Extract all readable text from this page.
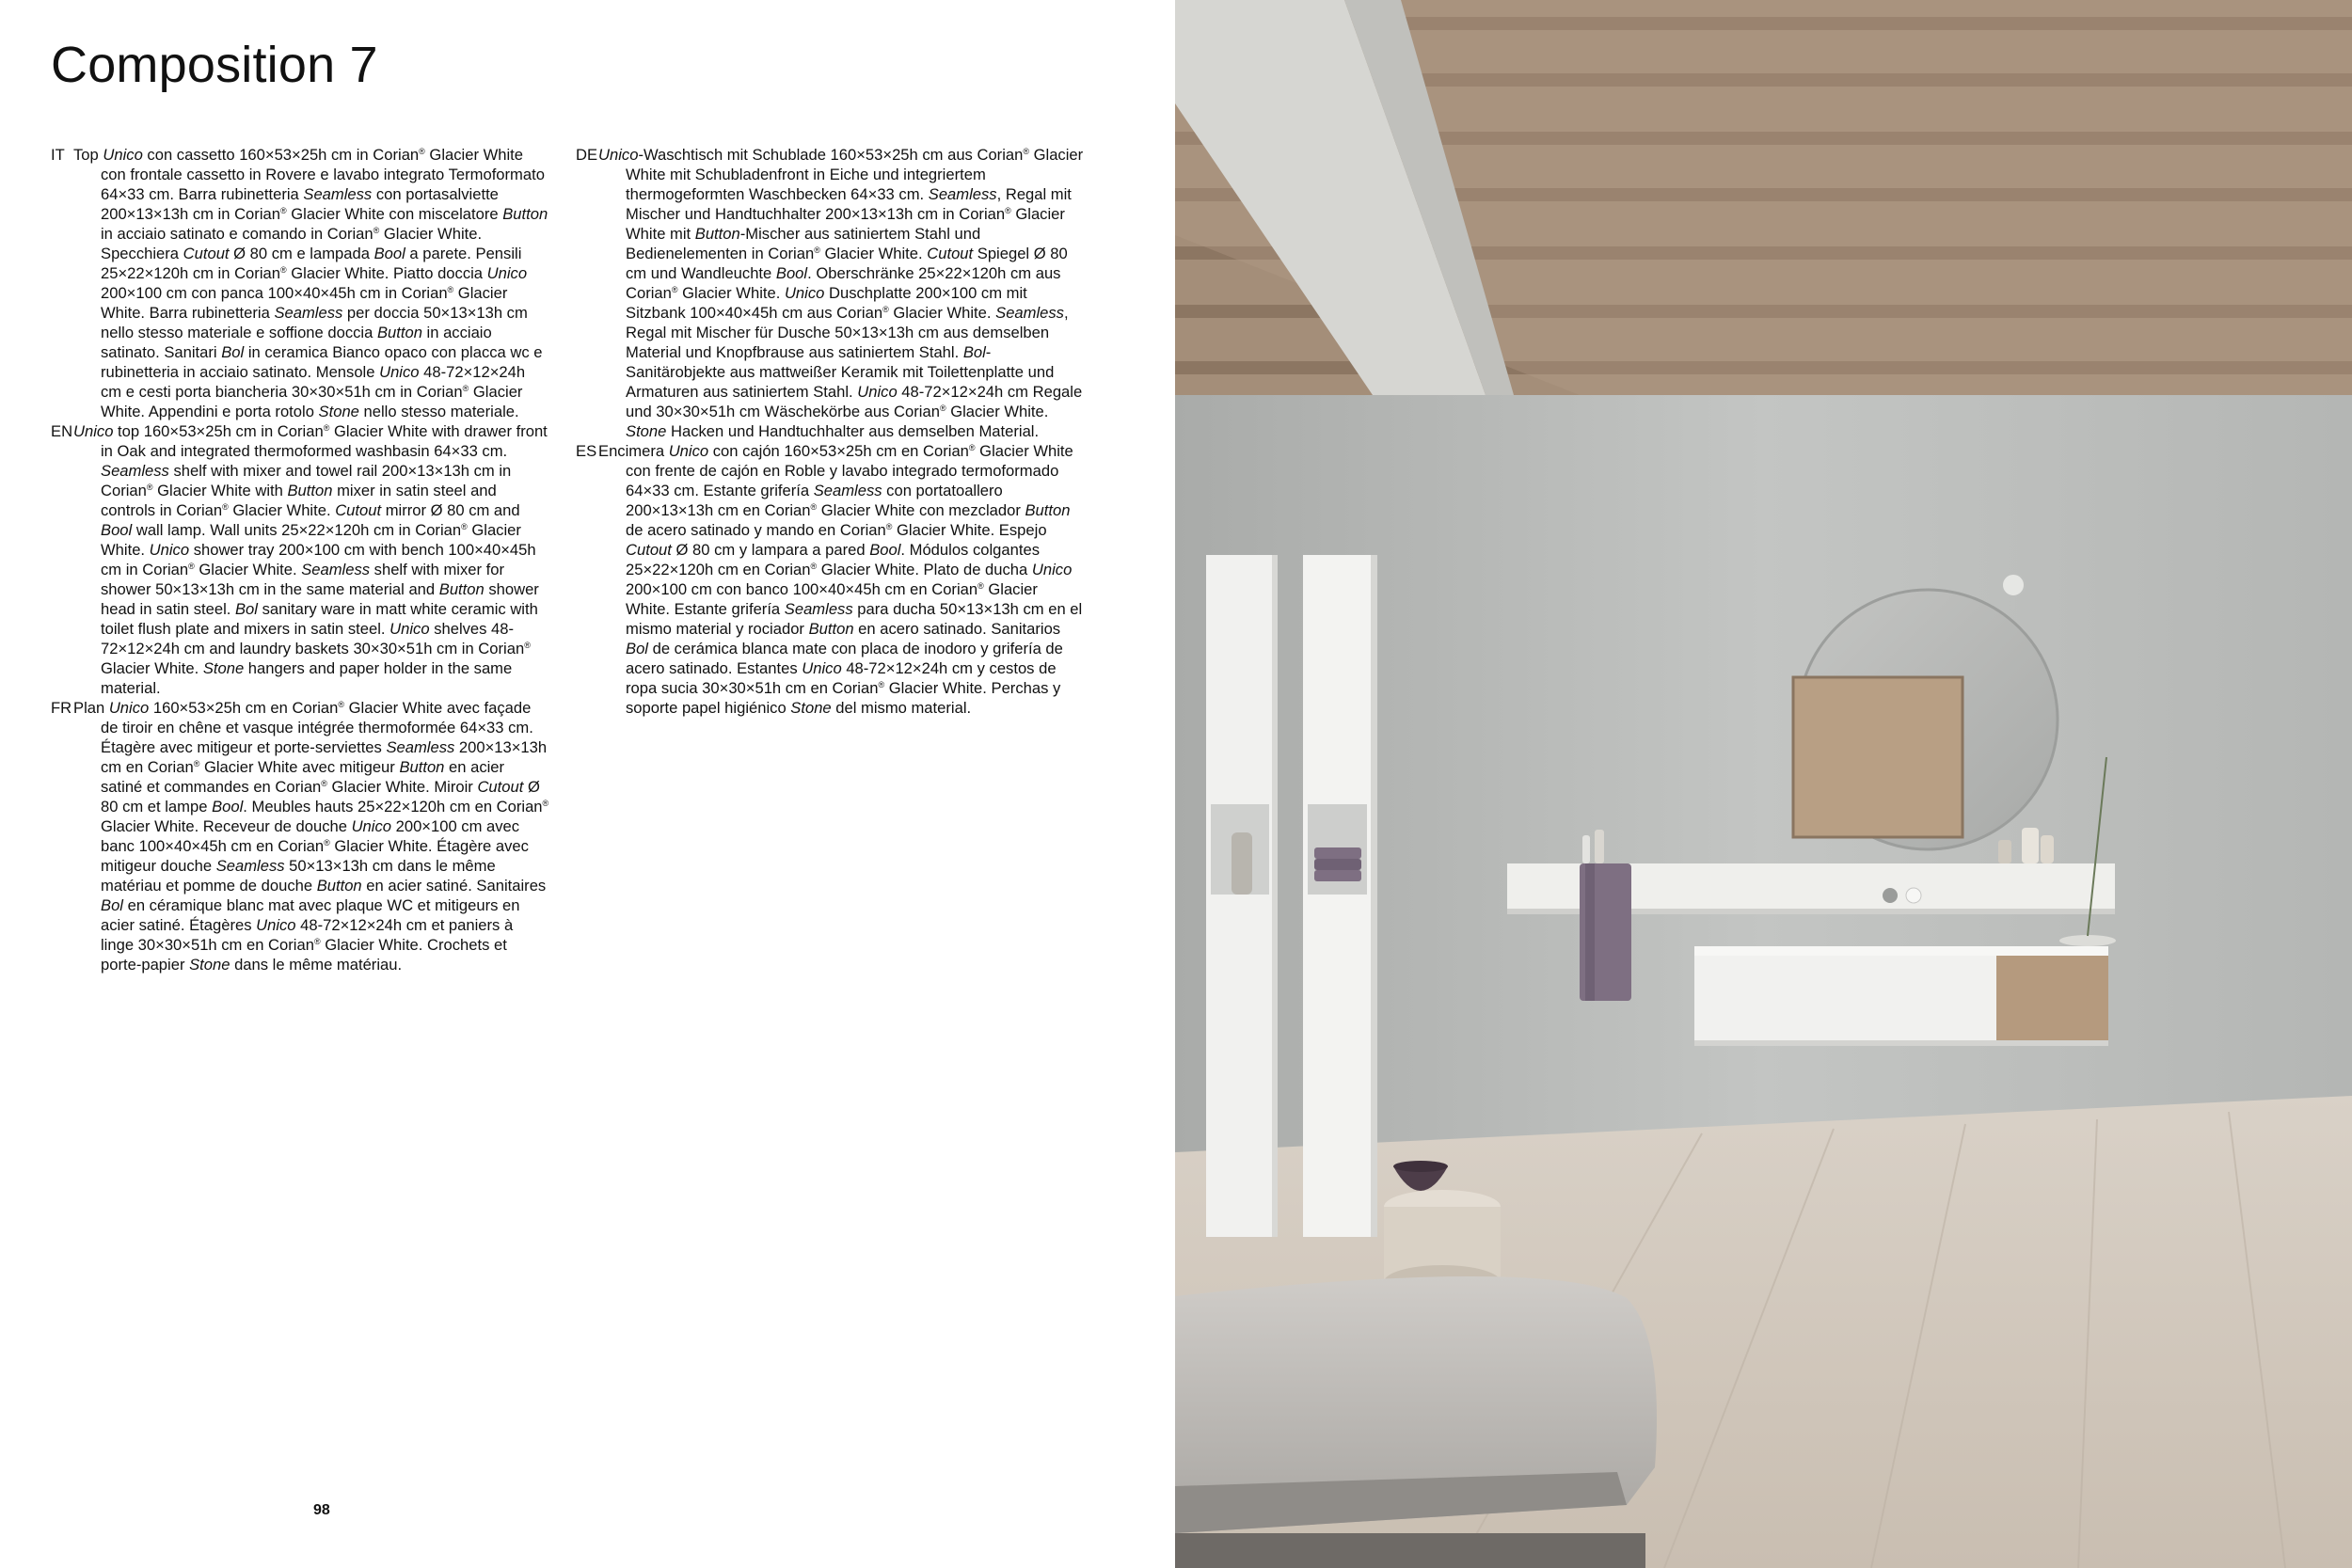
Composition 7

IT Top Unico con cassetto 160×53×25h cm in Corian® Glacier White con frontale cassetto in Rovere e lavabo integrato Termoformato 64×33 cm. Barra rubinetteria Seamless con portasalviette 200×13×13h cm in Corian® Glacier White con miscelatore Button in acciaio satinato e comando in Corian® Glacier White. Specchiera Cutout Ø 80 cm e lampada Bool a parete. Pensili 25×22×120h cm in Corian® Glacier White. Piatto doccia Unico 200×100 cm con panca 100×40×45h cm in Corian® Glacier White. Barra rubinetteria Seamless per doccia 50×13×13h cm nello stesso materiale e soffione doccia Button in acciaio satinato. Sanitari Bol in ceramica Bianco opaco con placca wc e rubinetteria in acciaio satinato. Mensole Unico 48-72×12×24h cm e cesti porta biancheria 30×30×51h cm in Corian® Glacier White. Appendini e porta rotolo Stone nello stesso materiale.

ENUnico top 160×53×25h cm in Corian® Glacier White with drawer front in Oak and integrated thermoformed washbasin 64×33 cm. Seamless shelf with mixer and towel rail 200×13×13h cm in Corian® Glacier White with Button mixer in satin steel and controls in Corian® Glacier White. Cutout mirror Ø 80 cm and Bool wall lamp. Wall units 25×22×120h cm in Corian® Glacier White. Unico shower tray 200×100 cm with bench 100×40×45h cm in Corian® Glacier White. Seamless shelf with mixer for shower 50×13×13h cm in the same material and Button shower head in satin steel. Bol sanitary ware in matt white ceramic with toilet flush plate and mixers in satin steel. Unico shelves 48-72×12×24h cm and laundry baskets 30×30×51h cm in Corian® Glacier White. Stone hangers and paper holder in the same material.

FR Plan Unico 160×53×25h cm en Corian® Glacier White avec façade de tiroir en chêne et vasque intégrée thermoformée 64×33 cm. Étagère avec mitigeur et porte-serviettes Seamless 200×13×13h cm en Corian® Glacier White avec mitigeur Button en acier satiné et commandes en Corian® Glacier White. Miroir Cutout Ø 80 cm et lampe Bool. Meubles hauts 25×22×120h cm en Corian® Glacier White. Receveur de douche Unico 200×100 cm avec banc 100×40×45h cm en Corian® Glacier White. Étagère avec mitigeur douche Seamless 50×13×13h cm dans le même matériau et pomme de douche Button en acier satiné. Sanitaires Bol en céramique blanc mat avec plaque WC et mitigeurs en acier satiné. Étagères Unico 48-72×12×24h cm et paniers à linge 30×30×51h cm en Corian® Glacier White. Crochets et porte-papier Stone dans le même matériau.

DEUnico-Waschtisch mit Schublade 160×53×25h cm aus Corian® Glacier White mit Schubladenfront in Eiche und integriertem thermogeformten Waschbecken 64×33 cm. Seamless, Regal mit Mischer und Handtuchhalter 200×13×13h cm in Corian® Glacier White mit Button-Mischer aus satiniertem Stahl und Bedienelementen in Corian® Glacier White. Cutout Spiegel Ø 80 cm und Wandleuchte Bool. Oberschränke 25×22×120h cm aus Corian® Glacier White. Unico Duschplatte 200×100 cm mit Sitzbank 100×40×45h cm aus Corian® Glacier White. Seamless, Regal mit Mischer für Dusche 50×13×13h cm aus demselben Material und Knopfbrause aus satiniertem Stahl. Bol-Sanitärobjekte aus mattweißer Keramik mit Toilettenplatte und Armaturen aus satiniertem Stahl. Unico 48-72×12×24h cm Regale und 30×30×51h cm Wäschekörbe aus Corian® Glacier White. Stone Hacken und Handtuchhalter aus demselben Material.

ES Encimera Unico con cajón 160×53×25h cm en Corian® Glacier White con frente de cajón en Roble y lavabo integrado termoformado 64×33 cm. Estante grifería Seamless con portatoallero 200×13×13h cm en Corian® Glacier White con mezclador Button de acero satinado y mando en Corian® Glacier White. Espejo Cutout Ø 80 cm y lampara a pared Bool. Módulos colgantes 25×22×120h cm en Corian® Glacier White. Plato de ducha Unico 200×100 cm con banco 100×40×45h cm en Corian® Glacier White. Estante grifería Seamless para ducha 50×13×13h cm en el mismo material y rociador Button en acero satinado. Sanitarios Bol de cerámica blanca mate con placa de inodoro y grifería de acero satinado. Estantes Unico 48-72×12×24h cm y cestos de ropa sucia 30×30×51h cm en Corian® Glacier White. Perchas y soporte papel higiénico Stone del mismo material.

98
